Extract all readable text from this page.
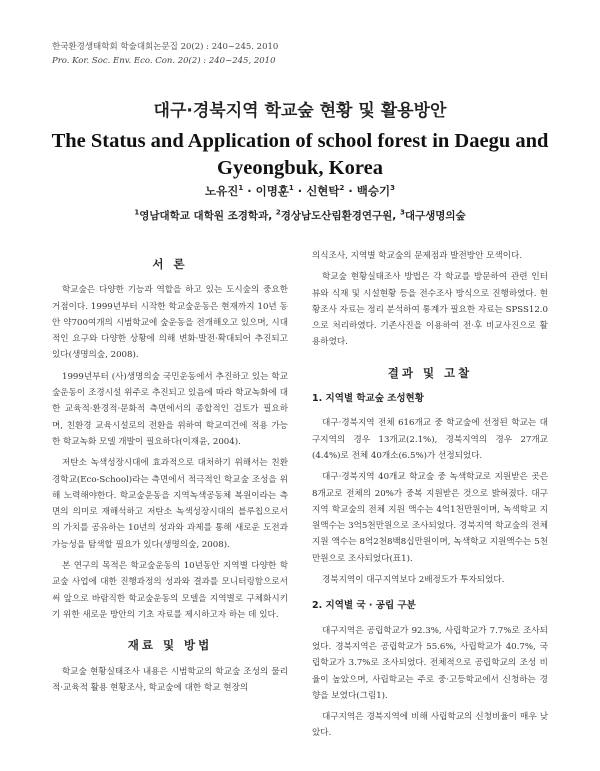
한국환경생태학회 학술대회논문집 20(2) : 240~245. 2010
Pro. Kor. Soc. Env. Eco. Con. 20(2) : 240~245, 2010
대구·경북지역 학교숲 현황 및 활용방안
The Status and Application of school forest in Daegu and Gyeongbuk, Korea
노유진$^1$ · 이명훈$^1$ · 신현탁$^2$ · 백승기$^3$
$^1$영남대학교 대학원 조경학과, $^2$경상남도산림환경연구원, $^3$대구생명의숲
서 론

학교숲은 다양한 기능과 역할을 하고 있는 도시숲의 중요한 거점이다. 1999년부터 시작한 학교숲운동은 현재까지 10년 동안 약700여개의 시범학교에 숲운동을 전개해오고 있으며, 시대적인 요구와 다양한 상황에 의해 변화·발전·확대되어 추진되고 있다(생명의숲, 2008).

1999년부터 (사)생명의숲 국민운동에서 추진하고 있는 학교숲운동이 조경시설 위주로 추진되고 있음에 따라 학교녹화에 대한 교육적·환경적·문화적 측면에서의 종합적인 검토가 필요하며, 친환경 교육시설로의 전환을 위하여 학교여건에 적용 가능한 학교녹화 모델 개발이 필요하다(이재윤, 2004).

저탄소 녹색성장시대에 효과적으로 대처하기 위해서는 친환경학교(Eco-School)라는 측면에서 적극적인 학교숲 조성을 위해 노력해야한다. 학교숲운동을 지역녹색공동체 복원이라는 측면의 의미로 재해석하고 저탄소 녹색성장시대의 블루칩으로서의 가치를 공유하는 10년의 성과와 과제를 통해 새로운 도전과 가능성을 탐색할 필요가 있다(생명의숲, 2008).

본 연구의 목적은 학교숲운동의 10년동안 지역별 다양한 학교숲 사업에 대한 진행과정의 성과와 결과를 모니터링함으로서써 앞으로 바람직한 학교숲운동의 모델을 지역별로 구체화시키기 위한 새로운 방안의 기초 자료를 제시하고자 하는 데 있다.

재료 및 방법

학교숲 현황실태조사 내용은 시범학교의 학교숲 조성의 물리적·교육적 활용 현황조사, 학교숲에 대한 학교 현장의

의식조사, 지역별 학교숲의 문제점과 발전방안 모색이다.

학교숲 현황실태조사 방법은 각 학교를 방문하여 관련 인터뷰와 식재 및 시설현황 등을 전수조사 방식으로 진행하였다. 현황조사 자료는 정리 분석하여 통계가 필요한 자료는 SPSS12.0으로 처리하였다. 기존사진을 이용하여 전·후 비교사진으로 활용하였다.

결과 및 고찰
1. 지역별 학교숲 조성현황

대구·경북지역 전체 616개교 중 학교숲에 선정된 학교는 대구지역의 경우 13개교(2.1%), 경북지역의 경우 27개교(4.4%)로 전체 40개소(6.5%)가 선정되었다.

대구·경북지역 40개교 학교숲 중 녹색학교로 지원받은 곳은 8개교로 전체의 20%가 중복 지원받은 것으로 밝혀졌다. 대구지역 학교숲의 전체 지원 액수는 4억1천만원이며, 녹색학교 지원액수는 3억5천만원으로 조사되었다. 경북지역 학교숲의 전체 지원 액수는 8억2천8백8십만원이며, 녹색학교 지원액수는 5천만원으로 조사되었다(표1).

경북지역이 대구지역보다 2배정도가 투자되었다.

2. 지역별 국 · 공립 구분

대구지역은 공립학교가 92.3%, 사립학교가 7.7%로 조사되었다. 경북지역은 공립학교가 55.6%, 사립학교가 40.7%, 국립학교가 3.7%로 조사되었다. 전체적으로 공립학교의 조성 비율이 높았으며, 사립학교는 주로 중·고등학교에서 신청하는 경향을 보였다(그림1).

대구지역은 경북지역에 비해 사립학교의 신청비율이 매우 낮았다.
